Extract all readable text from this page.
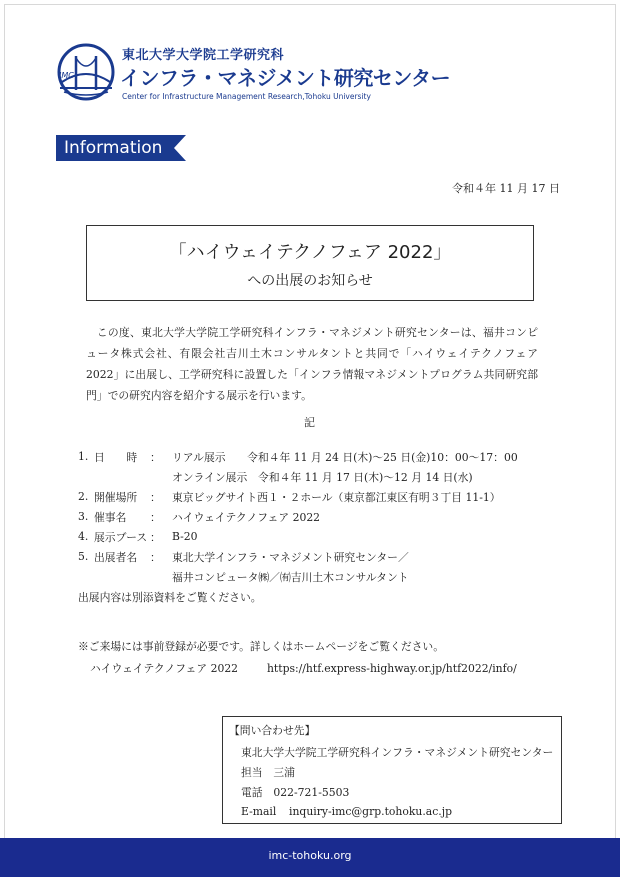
IMC
東北大学大学院工学研究科
インフラ・マネジメント研究センター
Center for Infrastructure Management Research,Tohoku University
Information
令和４年 11 月 17 日
「ハイウェイテクノフェア 2022」
への出展のお知らせ
この度、東北大学大学院工学研究科インフラ・マネジメント研究センターは、福井コンピュータ株式会社、有限会社吉川土木コンサルタントと共同で「ハイウェイテクノフェア 2022」に出展し、工学研究科に設置した「インフラ情報マネジメントプログラム共同研究部門」での研究内容を紹介する展示を行います。
記
1. 日　　時 ： リアル展示　　令和４年 11 月 24 日(木)～25 日(金)10：00～17：00
オンライン展示　令和４年 11 月 17 日(木)～12 月 14 日(水)
2. 開催場所 ： 東京ビッグサイト西１・２ホール（東京都江東区有明３丁目 11-1）
3. 催事名 ： ハイウェイテクノフェア 2022
4. 展示ブース ： B-20
5. 出展者名 ： 東北大学インフラ・マネジメント研究センター／
福井コンピュータ㈱／㈲吉川土木コンサルタント
出展内容は別添資料をご覧ください。
※ご来場には事前登録が必要です。詳しくはホームページをご覧ください。
ハイウェイテクノフェア 2022	https://htf.express-highway.or.jp/htf2022/info/
【問い合わせ先】
東北大学大学院工学研究科インフラ・マネジメント研究センター
担当　三浦
電話　022-721-5503
E-mail inquiry-imc@grp.tohoku.ac.jp
imc-tohoku.org
